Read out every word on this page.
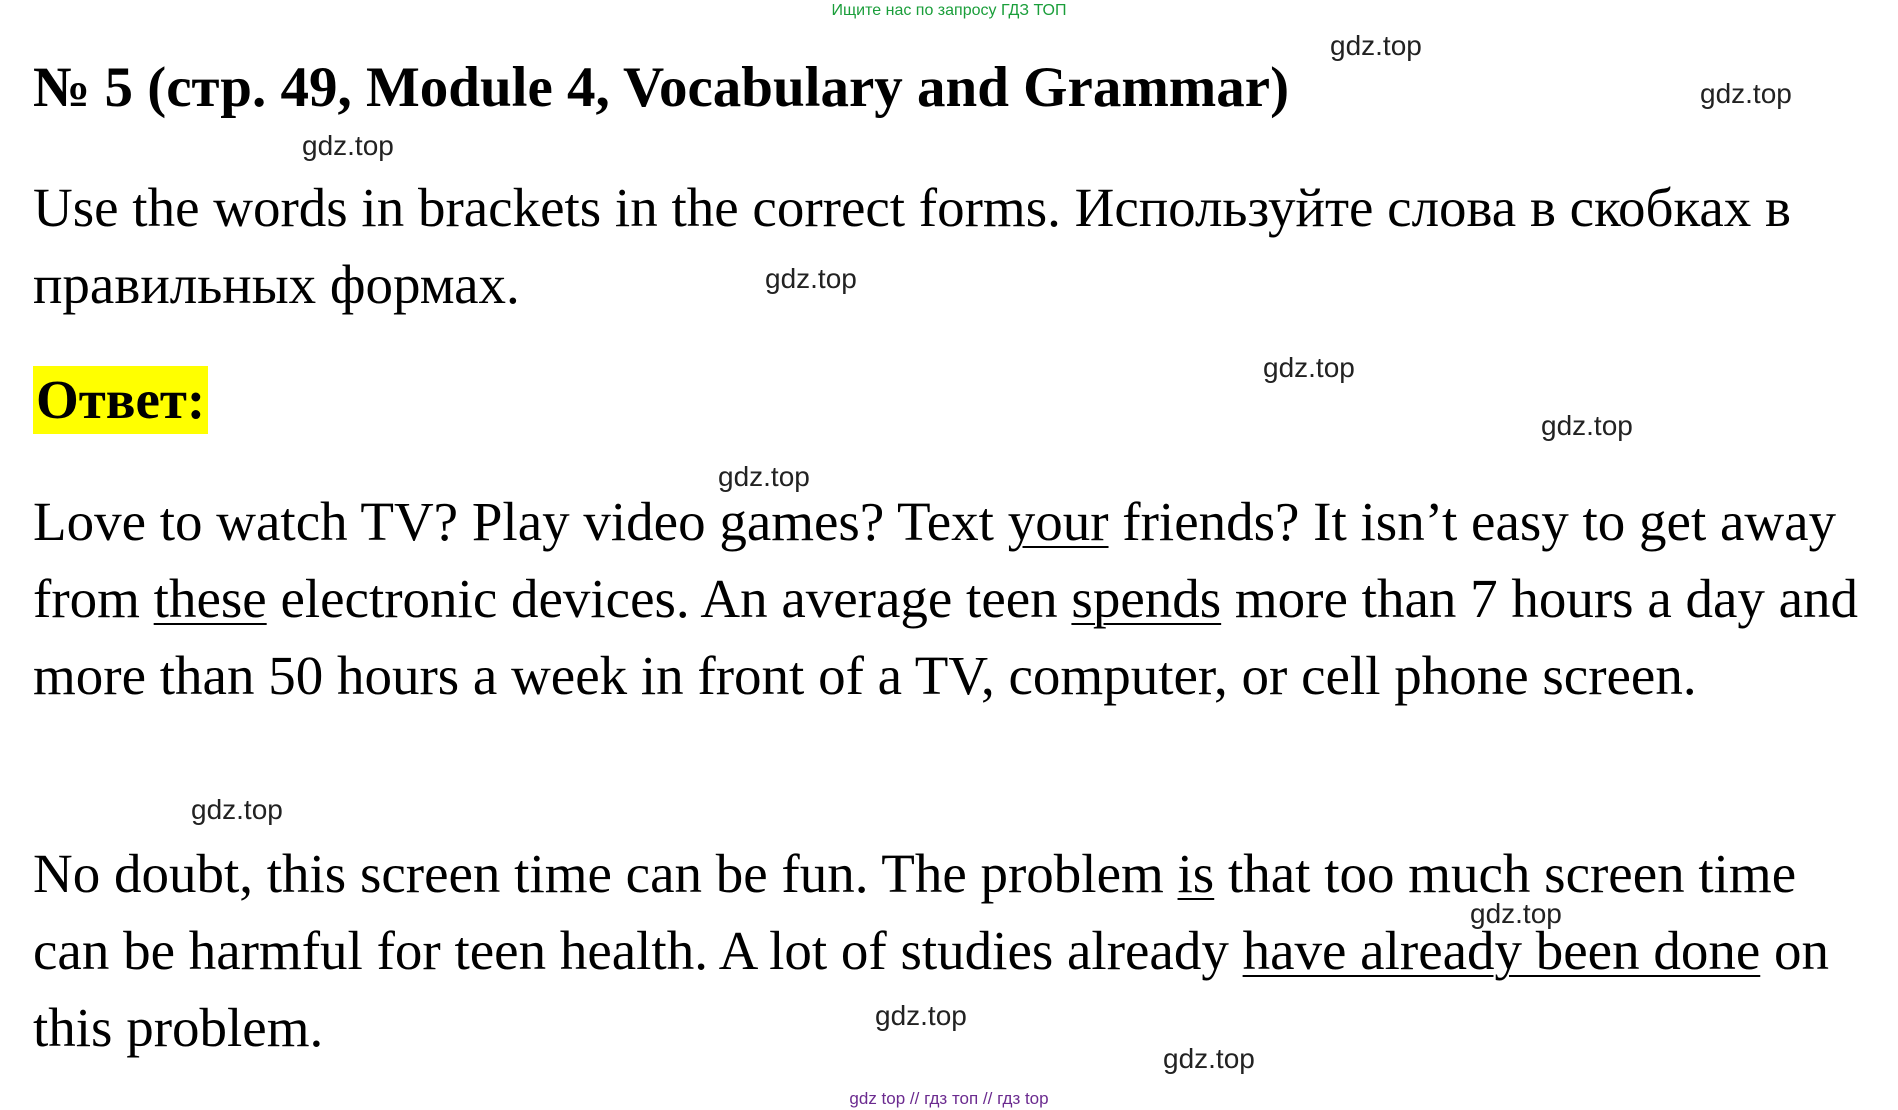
Ищите нас по запросу ГДЗ ТОП
№ 5 (стр. 49, Module 4, Vocabulary and Grammar)

Use the words in brackets in the correct forms. Используйте слова в скобках в правильных формах.

Ответ:

Love to watch TV? Play video games? Text your friends? It isn’t easy to get away from these electronic devices. An average teen spends more than 7 hours a day and more than 50 hours a week in front of a TV, computer, or cell phone screen.

No doubt, this screen time can be fun. The problem is that too much screen time can be harmful for teen health. A lot of studies already have already been done on this problem.

gdz.top
gdz.top
gdz.top
gdz.top
gdz.top
gdz.top
gdz.top
gdz.top
gdz.top
gdz.top
gdz.top
gdz top // гдз топ // гдз top
